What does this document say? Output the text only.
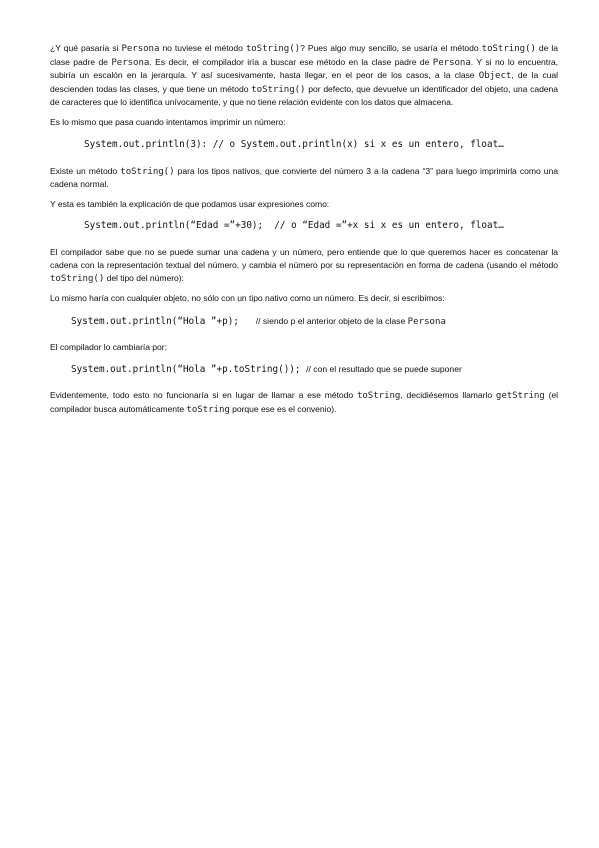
¿Y qué pasaría si Persona no tuviese el método toString()? Pues algo muy sencillo, se usaría el método toString() de la clase padre de Persona. Es decir, el compilador iría a buscar ese método en la clase padre de Persona. Y si no lo encuentra, subiría un escalón en la jerarquía. Y así sucesivamente, hasta llegar, en el peor de los casos, a la clase Object, de la cual descienden todas las clases, y que tiene un método toString() por defecto, que devuelve un identificador del objeto, una cadena de caracteres que lo identifica unívocamente, y que no tiene relación evidente con los datos que almacena.

Es lo mismo que pasa cuando intentamos imprimir un número:

System.out.println(3): // o System.out.println(x) si x es un entero, float…

Existe un método toString() para los tipos nativos, que convierte del número 3 a la cadena “3” para luego imprimirla como una cadena normal.

Y esta es también la explicación de que podamos usar expresiones como:

System.out.println(“Edad =”+30);  // o “Edad =”+x si x es un entero, float…

El compilador sabe que no se puede sumar una cadena y un número, pero entiende que lo que queremos hacer es concatenar la cadena con la representación textual del número, y cambia el número por su representación en forma de cadena (usando el método toString() del tipo del número):

Lo mismo haría con cualquier objeto, no sólo con un tipo nativo como un número. Es decir, si escribimos:

System.out.println(“Hola ”+p);   // siendo p el anterior objeto de la clase Persona

El compilador lo cambiaría por:

System.out.println(“Hola ”+p.toString()); // con el resultado que se puede suponer

Evidentemente, todo esto no funcionaría si en lugar de llamar a ese método toString, decidiésemos llamarlo getString (el compilador busca automáticamente toString porque ese es el convenio).
